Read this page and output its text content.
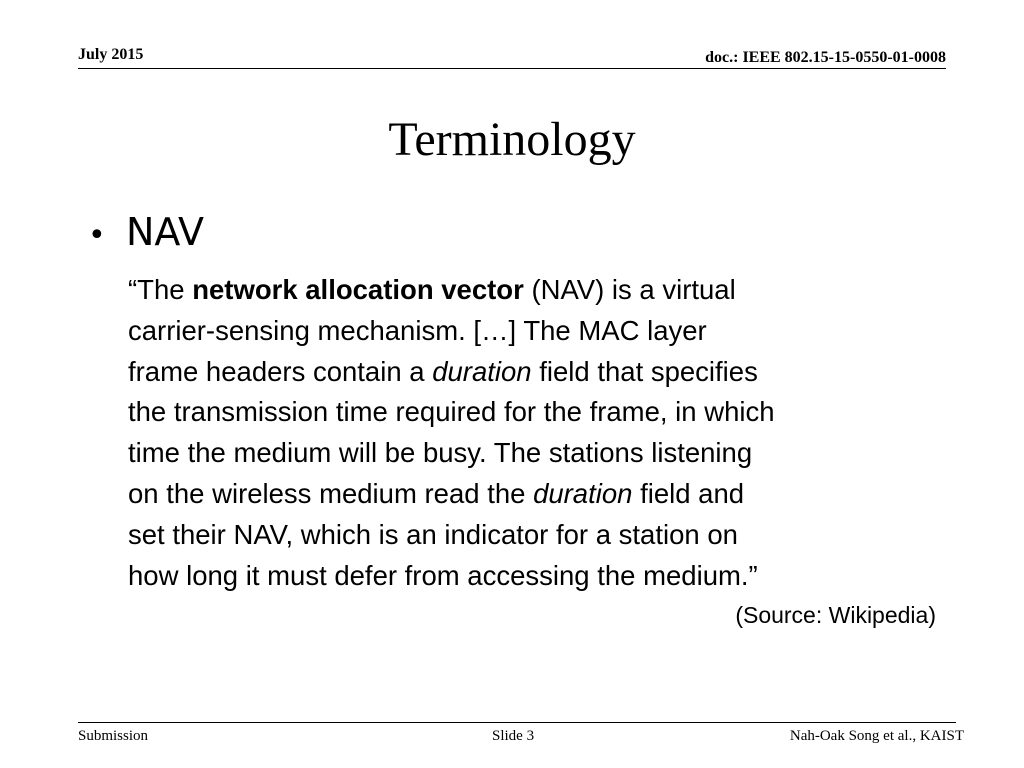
July 2015	doc.: IEEE 802.15-15-0550-01-0008
Terminology
• NAV
“The network allocation vector (NAV) is a virtual
carrier-sensing mechanism. […] The MAC layer
frame headers contain a duration field that specifies
the transmission time required for the frame, in which
time the medium will be busy. The stations listening
on the wireless medium read the duration field and
set their NAV, which is an indicator for a station on
how long it must defer from accessing the medium.”
(Source: Wikipedia)
Submission	Slide 3	Nah-Oak Song et al., KAIST
